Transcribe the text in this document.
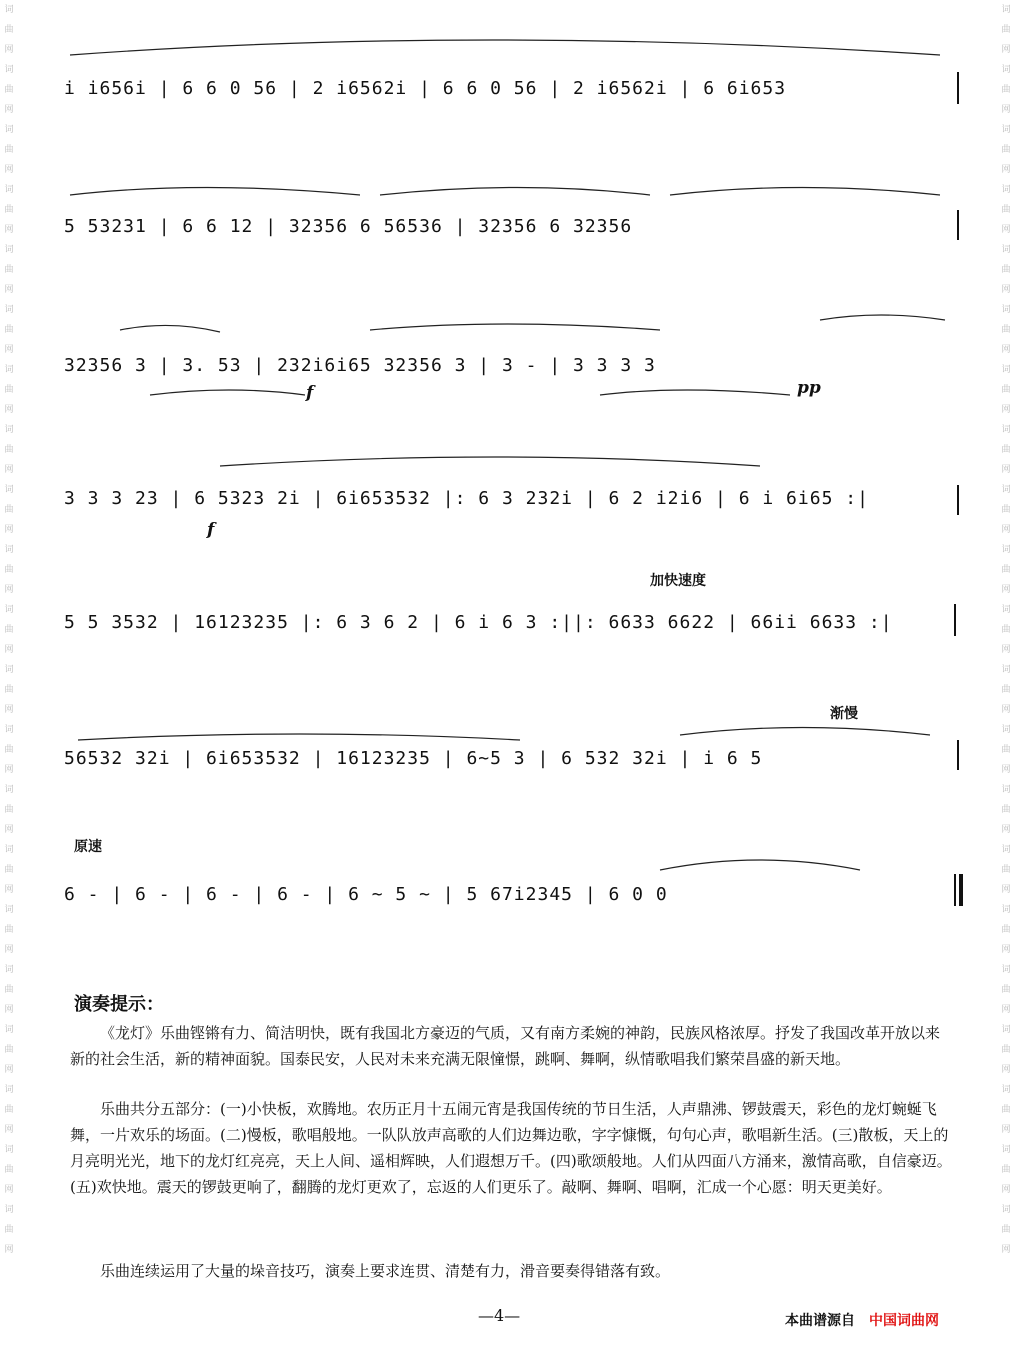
词
曲
网
词
曲
网
词
曲
网
词
曲
网
词
曲
网
词
曲
网
词
曲
网
词
曲
网
词
曲
网
词
曲
网
词
曲
网
词
曲
网
词
曲
网
词
曲
网
词
曲
网
词
曲
网
词
曲
网
词
曲
网
词
曲
网
词
曲
网
词
曲
网
词
曲
网
词
曲
网
词
曲
网
词
曲
网
词
曲
网
词
曲
网
词
曲
网
词
曲
网
词
曲
网
词
曲
网
词
曲
网
词
曲
网
词
曲
网
词
曲
网
词
曲
网
词
曲
网
词
曲
网
词
曲
网
词
曲
网
词
曲
网
词
曲
网
i i656i | 6 6 0 56 | 2 i6562i | 6 6 0 56 | 2 i6562i | 6 6i653
5 53231 | 6 6 12 | 32356 6 56536 | 32356 6 32356
32356 3 | 3. 53 | 232i6i65 32356 3 | 3 - | 3 3 3 3
3 3 3 23 | 6 5323 2i | 6i653532 |: 6 3 232i | 6 2 i2i6 | 6 i 6i65 :|
5 5 3532 | 16123235 |: 6 3 6 2 | 6 i 6 3 :||: 6633 6622 | 66ii 6633 :|
56532 32i | 6i653532 | 16123235 | 6~5 3 | 6 532 32i | i 6 5
6 - | 6 - | 6 - | 6 - | 6 ~ 5 ~ | 5 67i2345 | 6 0 0
加快速度
渐慢
原速
f	pp
f
演奏提示：
《龙灯》乐曲铿锵有力、简洁明快，既有我国北方豪迈的气质，又有南方柔婉的神韵，民族风格浓厚。抒发了我国改革开放以来新的社会生活，新的精神面貌。国泰民安，人民对未来充满无限憧憬，跳啊、舞啊，纵情歌唱我们繁荣昌盛的新天地。
乐曲共分五部分：(一)小快板，欢腾地。农历正月十五闹元宵是我国传统的节日生活，人声鼎沸、锣鼓震天，彩色的龙灯蜿蜒飞舞，一片欢乐的场面。(二)慢板，歌唱般地。一队队放声高歌的人们边舞边歌，字字慷慨，句句心声，歌唱新生活。(三)散板，天上的月亮明光光，地下的龙灯红亮亮，天上人间、遥相辉映，人们遐想万千。(四)歌颂般地。人们从四面八方涌来，激情高歌，自信豪迈。(五)欢快地。震天的锣鼓更响了，翻腾的龙灯更欢了，忘返的人们更乐了。敲啊、舞啊、唱啊，汇成一个心愿：明天更美好。
乐曲连续运用了大量的垛音技巧，演奏上要求连贯、清楚有力，滑音要奏得错落有致。
—4—	本曲谱源自 中国词曲网
